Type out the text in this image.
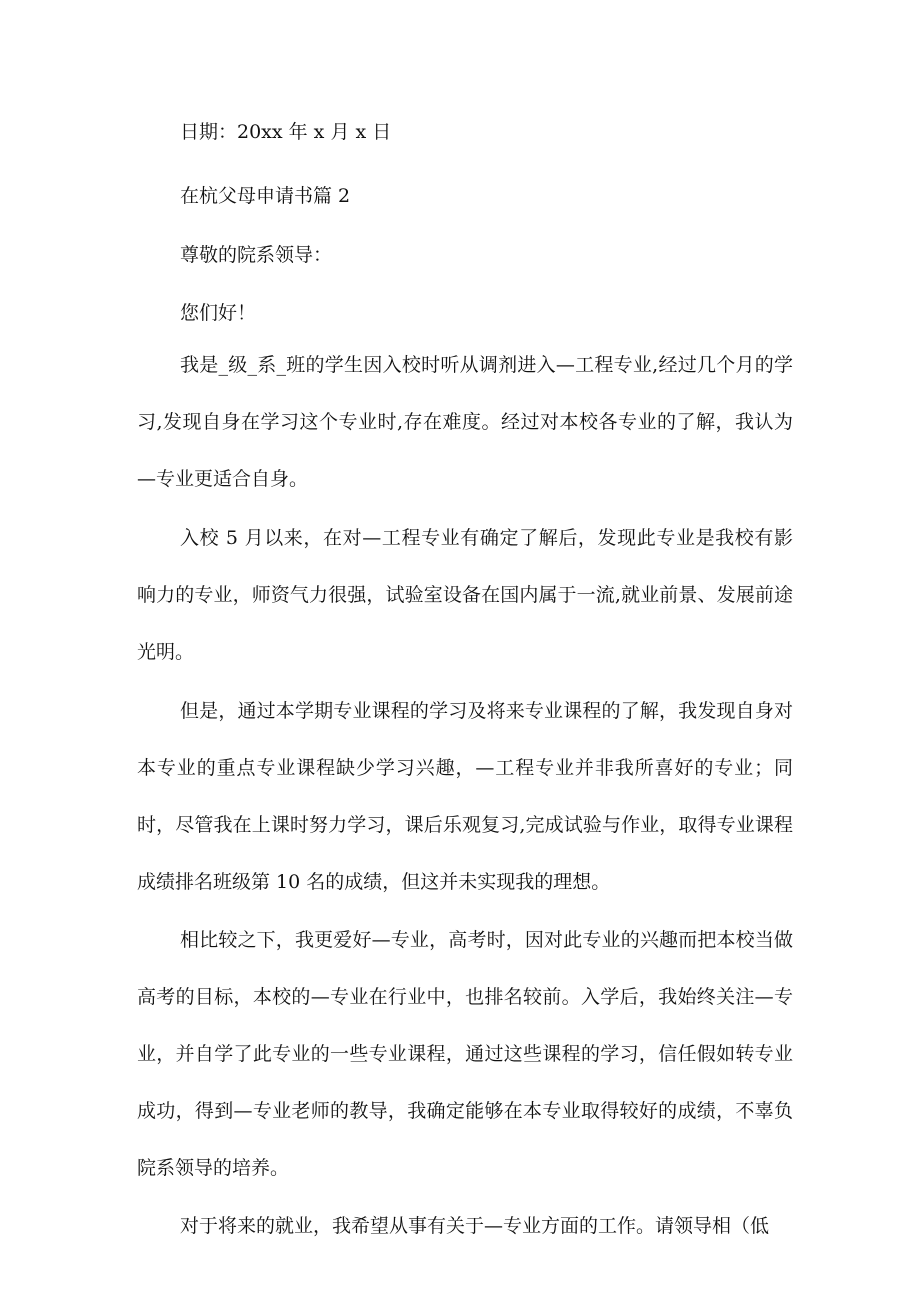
日期：20xx 年 x 月 x 日
在杭父母申请书篇 2
尊敬的院系领导：
您们好！

我是_级_系_班的学生因入校时听从调剂进入—工程专业,经过几个月的学习,发现自身在学习这个专业时,存在难度。经过对本校各专业的了解，我认为—专业更适合自身。

入校 5 月以来，在对—工程专业有确定了解后，发现此专业是我校有影响力的专业，师资气力很强，试验室设备在国内属于一流,就业前景、发展前途光明。

但是，通过本学期专业课程的学习及将来专业课程的了解，我发现自身对本专业的重点专业课程缺少学习兴趣，—工程专业并非我所喜好的专业；同时，尽管我在上课时努力学习，课后乐观复习,完成试验与作业，取得专业课程成绩排名班级第 10 名的成绩，但这并未实现我的理想。

相比较之下，我更爱好—专业，高考时，因对此专业的兴趣而把本校当做高考的目标，本校的—专业在行业中，也排名较前。入学后，我始终关注—专业，并自学了此专业的一些专业课程，通过这些课程的学习，信任假如转专业成功，得到—专业老师的教导，我确定能够在本专业取得较好的成绩，不辜负院系领导的培养。

对于将来的就业，我希望从事有关于—专业方面的工作。请领导相（低
